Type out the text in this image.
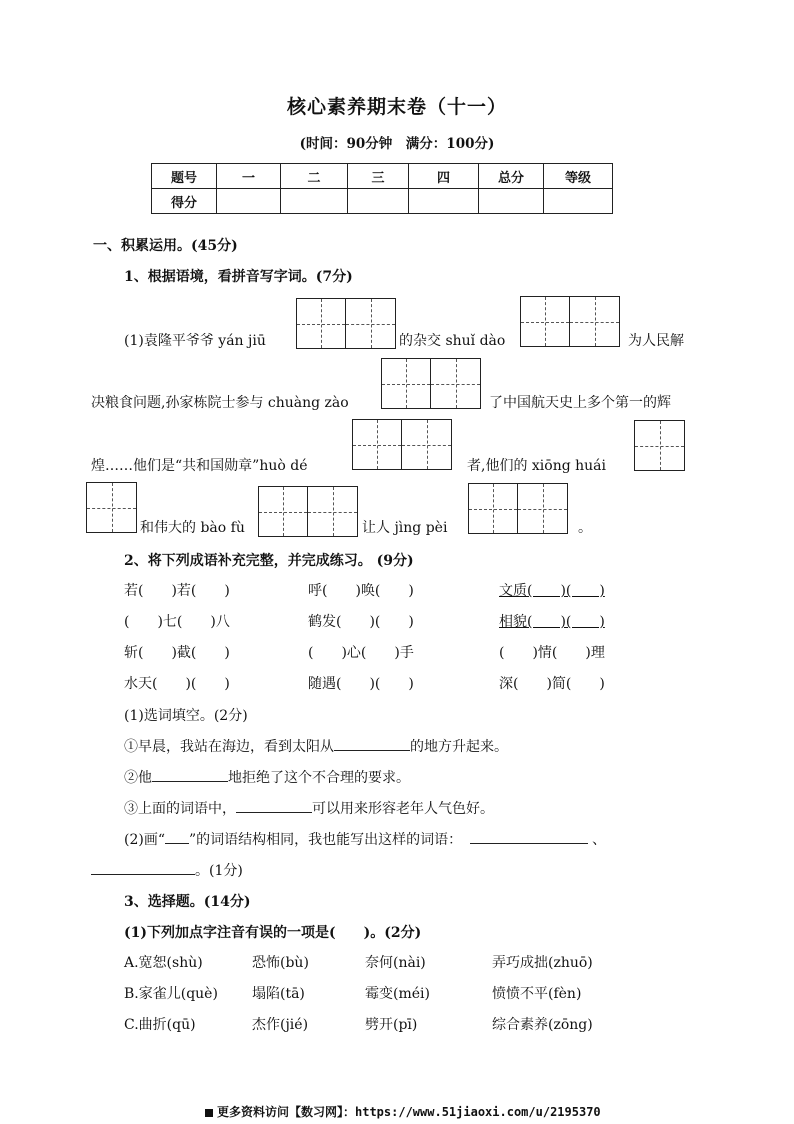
核心素养期末卷（十一）
(时间：90分钟　满分：100分)
题号	一	二	三	四	总分	等级
得分						
一、积累运用。(45分)
1、根据语境，看拼音写字词。(7分)
(1)袁隆平爷爷 yán jiū	的杂交 shuǐ dào	为人民解
决粮食问题,孙家栋院士参与 chuàng zào	了中国航天史上多个第一的辉
煌……他们是“共和国勋章”huò dé	者,他们的 xiōng huái
和伟大的 bào fù	让人 jìng pèi	。
2、将下列成语补充完整，并完成练习。 (9分)
若(　　)若(　　)	呼(　　)唤(　　)	文质(　　)(　　)
(　　)七(　　)八	鹤发(　　)(　　)	相貌(　　)(　　)
斩(　　)截(　　)	(　　)心(　　)手	(　　)情(　　)理
水天(　　)(　　)	随遇(　　)(　　)	深(　　)简(　　)
(1)选词填空。(2分)
①早晨，我站在海边，看到太阳从	的地方升起来。
②他	地拒绝了这个不合理的要求。
③上面的词语中，	可以用来形容老年人气色好。
(2)画“ ”的词语结构相同，我也能写出这样的词语：	、
。(1分)
3、选择题。(14分)
(1)下列加点字注音有误的一项是(　　)。(2分)
A.宽恕(shù)	恐怖(bù)	奈何(nài)	弄巧成拙(zhuō)
B.家雀儿(què) 塌陷(tā)	霉变(méi)	愤愤不平(fèn)
C.曲折(qū)	杰作(jié)	劈开(pī)	综合素养(zōng)
更多资料访问【数习网】：https://www.51jiaoxi.com/u/2195370
